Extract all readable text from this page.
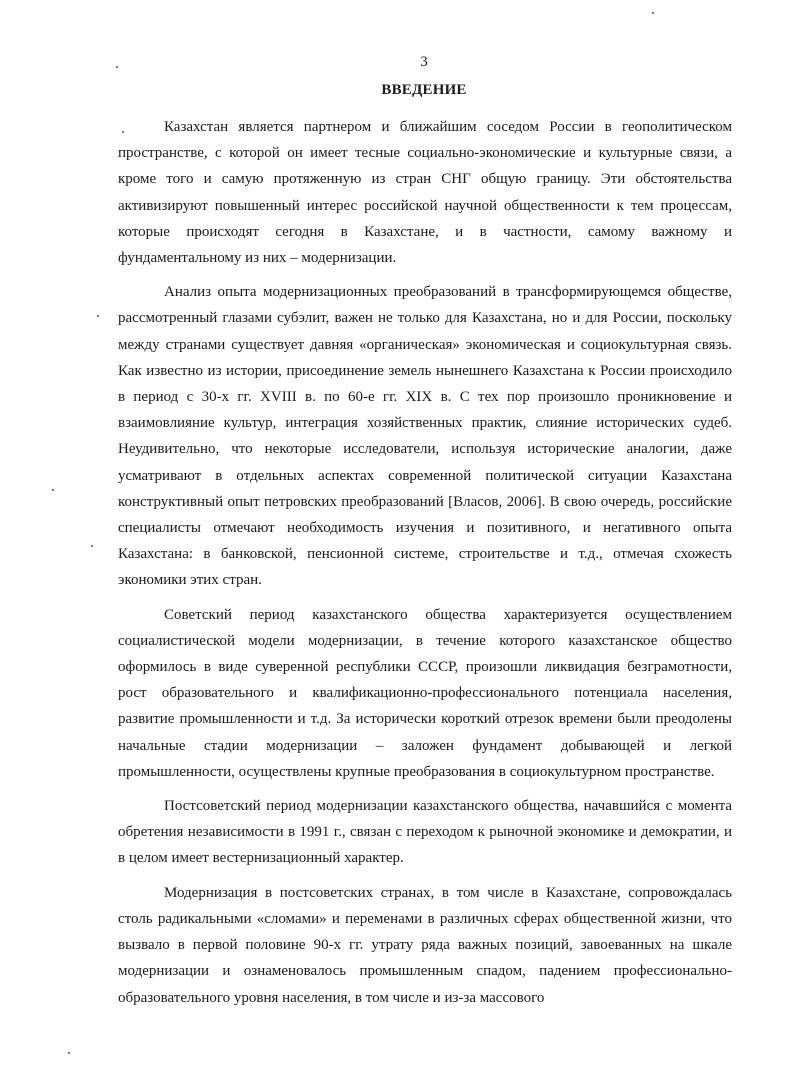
3
ВВЕДЕНИЕ

Казахстан является партнером и ближайшим соседом России в геополитическом пространстве, с которой он имеет тесные социально-экономические и культурные связи, а кроме того и самую протяженную из стран СНГ общую границу. Эти обстоятельства активизируют повышенный интерес российской научной общественности к тем процессам, которые происходят сегодня в Казахстане, и в частности, самому важному и фундаментальному из них – модернизации.

Анализ опыта модернизационных преобразований в трансформирующемся обществе, рассмотренный глазами субэлит, важен не только для Казахстана, но и для России, поскольку между странами существует давняя «органическая» экономическая и социокультурная связь. Как известно из истории, присоединение земель нынешнего Казахстана к России происходило в период с 30-х гг. XVIII в. по 60-е гг. XIX в. С тех пор произошло проникновение и взаимовлияние культур, интеграция хозяйственных практик, слияние исторических судеб. Неудивительно, что некоторые исследователи, используя исторические аналогии, даже усматривают в отдельных аспектах современной политической ситуации Казахстана конструктивный опыт петровских преобразований [Власов, 2006]. В свою очередь, российские специалисты отмечают необходимость изучения и позитивного, и негативного опыта Казахстана: в банковской, пенсионной системе, строительстве и т.д., отмечая схожесть экономики этих стран.

Советский период казахстанского общества характеризуется осуществлением социалистической модели модернизации, в течение которого казахстанское общество оформилось в виде суверенной республики СССР, произошли ликвидация безграмотности, рост образовательного и квалификационно-профессионального потенциала населения, развитие промышленности и т.д. За исторически короткий отрезок времени были преодолены начальные стадии модернизации – заложен фундамент добывающей и легкой промышленности, осуществлены крупные преобразования в социокультурном пространстве.

Постсоветский период модернизации казахстанского общества, начавшийся с момента обретения независимости в 1991 г., связан с переходом к рыночной экономике и демократии, и в целом имеет вестернизационный характер.

Модернизация в постсоветских странах, в том числе в Казахстане, сопровождалась столь радикальными «сломами» и переменами в различных сферах общественной жизни, что вызвало в первой половине 90-х гг. утрату ряда важных позиций, завоеванных на шкале модернизации и ознаменовалось промышленным спадом, падением профессионально-образовательного уровня населения, в том числе и из-за массового
